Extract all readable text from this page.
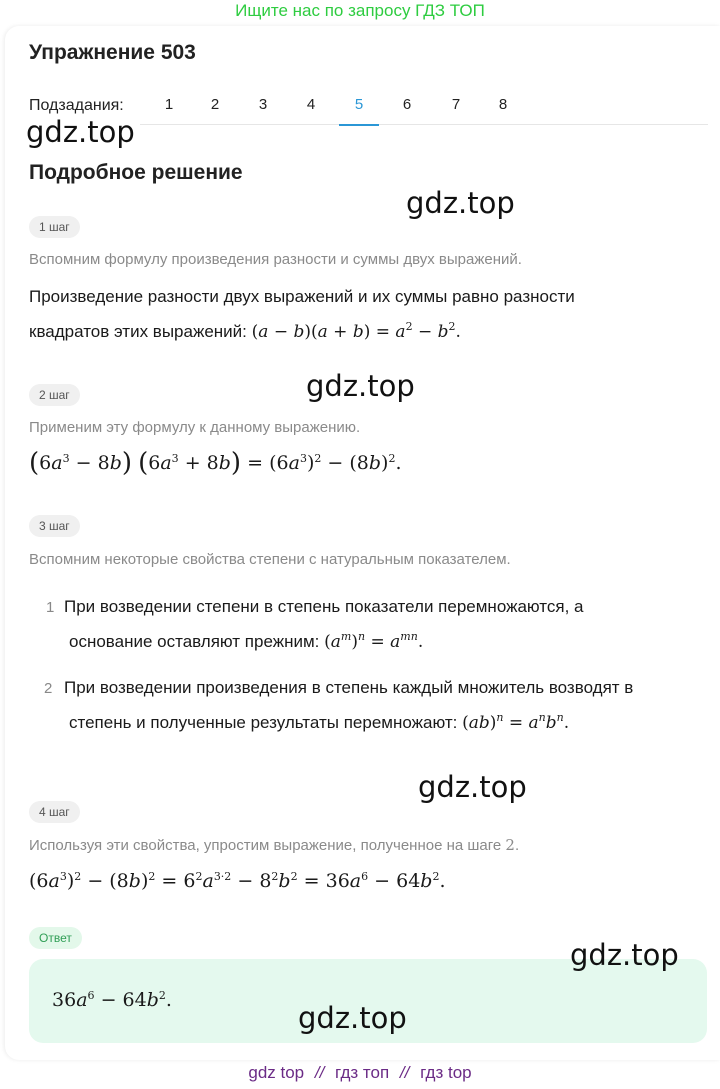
Ищите нас по запросу ГДЗ ТОП
Упражнение 503
Подзадания:	1	2	3	4	5	6	7	8
Подробное решение
1 шаг
Вспомним формулу произведения разности и суммы двух выражений.
Произведение разности двух выражений и их суммы равно разности
квадратов этих выражений: $(a - b)(a + b) = a^2 - b^2$.
2 шаг
Применим эту формулу к данному выражению.
$(6a^3 - 8b) (6a^3 + 8b) = (6a^3)^2 - (8b)^2$.
3 шаг
Вспомним некоторые свойства степени с натуральным показателем.
1 При возведении степени в степень показатели перемножаются, а
основание оставляют прежним: $(a^m)^n = a^{mn}$.
2 При возведении произведения в степень каждый множитель возводят в
степень и полученные результаты перемножают: $(ab)^n = a^nb^n$.
4 шаг
Используя эти свойства, упростим выражение, полученное на шаге 2.
$(6a^3)^2 - (8b)^2 = 6^2a^{3\cdot 2} - 8^2b^2 = 36a^6 - 64b^2$.
Ответ
$36a^6 - 64b^2$.
gdz.top
gdz.top
gdz.top
gdz.top
gdz.top
gdz.top
gdz top // гдз топ // гдз top
